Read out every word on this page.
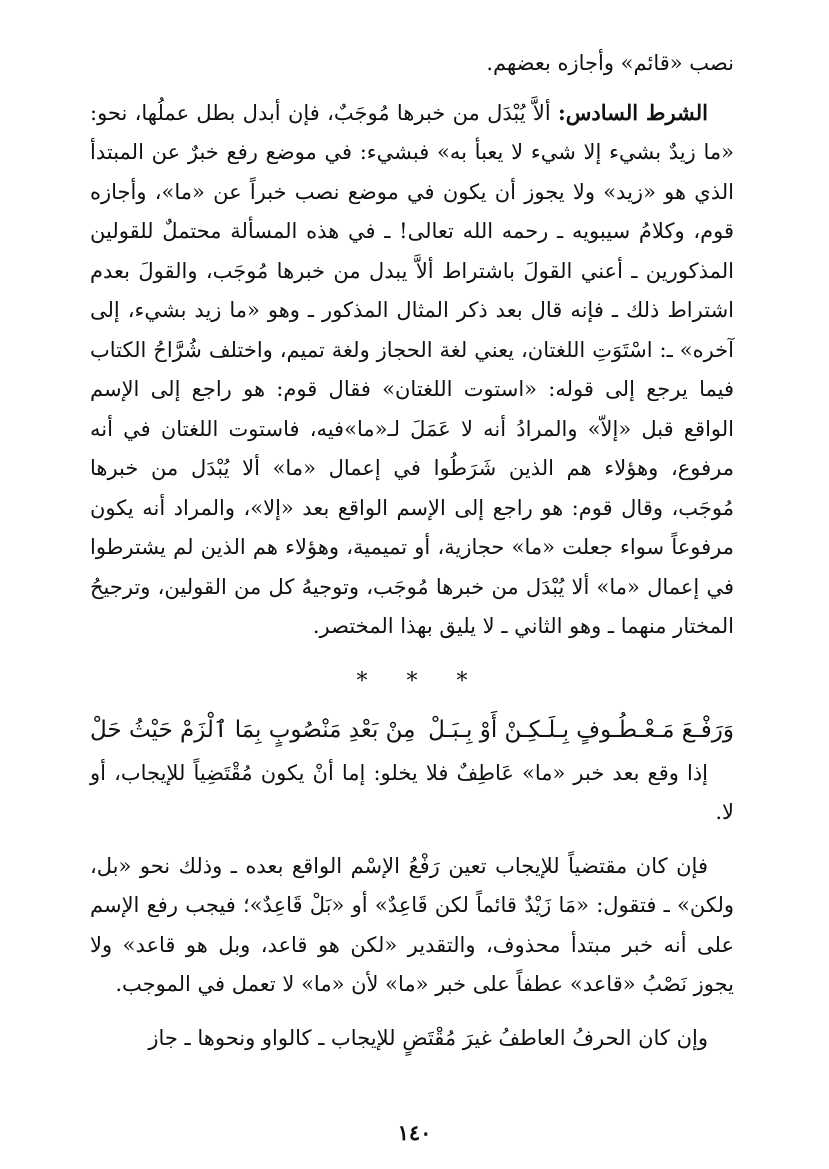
نصب «قائم» وأجازه بعضهم.

الشرط السادس: ألاَّ يُبْدَل من خبرها مُوجَبٌ، فإن أبدل بطل عملُها، نحو: «ما زيدٌ بشيء إلا شيء لا يعبأ به» فبشيء: في موضع رفع خبرٌ عن المبتدأ الذي هو «زيد» ولا يجوز أن يكون في موضع نصب خبراً عن «ما»، وأجازه قوم، وكلامُ سيبويه ـ رحمه الله تعالى! ـ في هذه المسألة محتملٌ للقولين المذكورين ـ أعني القولَ باشتراط ألاَّ يبدل من خبرها مُوجَب، والقولَ بعدم اشتراط ذلك ـ فإنه قال بعد ذكر المثال المذكور ـ وهو «ما زيد بشيء، إلى آخره» ـ: اسْتَوَتِ اللغتان، يعني لغة الحجاز ولغة تميم، واختلف شُرَّاحُ الكتاب فيما يرجع إلى قوله: «استوت اللغتان» فقال قوم: هو راجع إلى الإسم الواقع قبل «إلاّ» والمرادُ أنه لا عَمَلَ لـ«ما»فيه، فاستوت اللغتان في أنه مرفوع، وهؤلاء هم الذين شَرَطُوا في إعمال «ما» ألا يُبْدَل من خبرها مُوجَب، وقال قوم: هو راجع إلى الإسم الواقع بعد «إلا»، والمراد أنه يكون مرفوعاً سواء جعلت «ما» حجازية، أو تميمية، وهؤلاء هم الذين لم يشترطوا في إعمال «ما» ألا يُبْدَل من خبرها مُوجَب، وتوجيهُ كل من القولين، وترجيحُ المختار منهما ـ وهو الثاني ـ لا يليق بهذا المختصر.

* * *
وَرَفْـعَ مَـعْـطُـوفٍ بِـلَـكِـنْ أَوْ بِـبَـلْ
مِنْ بَعْدِ مَنْصُوبٍ بِمَا ٱلْزَمْ حَيْثُ حَلْ

إذا وقع بعد خبر «ما» عَاطِفٌ فلا يخلو: إما أنْ يكون مُقْتَضِياً للإيجاب، أو لا.

فإن كان مقتضياً للإيجاب تعين رَفْعُ الإسْم الواقع بعده ـ وذلك نحو «بل، ولكن» ـ فتقول: «مَا زَيْدٌ قائماً لكن قَاعِدٌ» أو «بَلْ قَاعِدٌ»؛ فيجب رفع الإسم على أنه خبر مبتدأ محذوف، والتقدير «لكن هو قاعد، وبل هو قاعد» ولا يجوز نَصْبُ «قاعد» عطفاً على خبر «ما» لأن «ما» لا تعمل في الموجب.

وإن كان الحرفُ العاطفُ غيرَ مُقْتَضٍ للإيجاب ـ كالواو ونحوها ـ جاز

١٤٠
